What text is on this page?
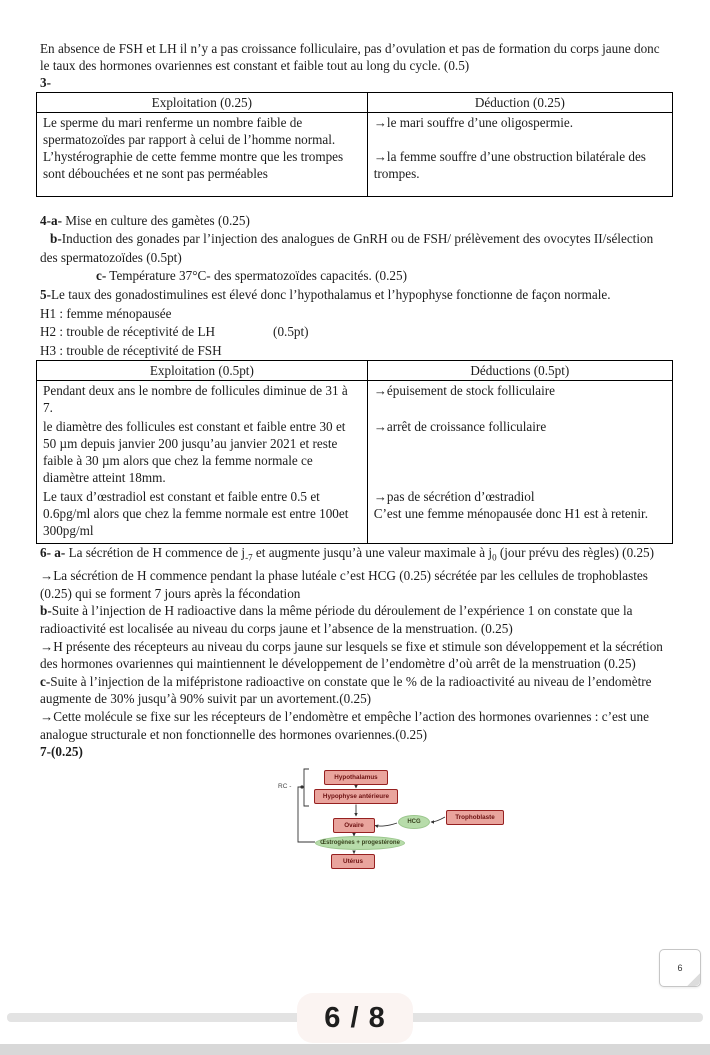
En absence de FSH et LH il n’y a pas croissance folliculaire, pas d’ovulation et pas de formation du corps jaune donc le taux des hormones ovariennes est constant et faible tout au long du cycle. (0.5)

3-

Exploitation (0.25)	Déduction (0.25)
Le sperme du mari renferme un nombre faible de spermatozoïdes par rapport à celui de l’homme normal. L’hystérographie de cette femme montre que les trompes sont débouchées et ne sont pas perméables	→le mari souffre d’une oligospermie.
→la femme souffre d’une obstruction bilatérale des trompes.

4-a- Mise en culture des gamètes (0.25)

b-Induction des gonades par l’injection des analogues de GnRH ou de FSH/ prélèvement des ovocytes II/sélection des spermatozoïdes (0.5pt)

c- Température 37°C- des spermatozoïdes capacités. (0.25)

5-Le taux des gonadostimulines est élevé donc l’hypothalamus et l’hypophyse fonctionne de façon normale.

H1 : femme ménopausée

H2 : trouble de réceptivité de LH	(0.5pt)

H3 : trouble de réceptivité de FSH

Exploitation (0.5pt)	Déductions (0.5pt)
Pendant deux ans le nombre de follicules diminue de 31 à 7.	→épuisement de stock folliculaire
le diamètre des follicules est constant et faible entre 30 et 50 µm depuis janvier 200 jusqu’au janvier 2021 et reste faible à 30 µm alors que chez la femme normale ce diamètre atteint 18mm.	→arrêt de croissance folliculaire
Le taux d’œstradiol est constant et faible entre 0.5 et 0.6pg/ml alors que chez la femme normale est entre 100et 300pg/ml	→pas de sécrétion d’œstradiol
C’est une femme ménopausée donc H1 est à retenir.

6- a- La sécrétion de H commence de $j_{-7}$ et augmente jusqu’à une valeur maximale à $j_0$ (jour prévu des règles) (0.25)

→La sécrétion de H commence pendant la phase lutéale c’est HCG (0.25) sécrétée par les cellules de trophoblastes (0.25) qui se forment 7 jours après la fécondation

b-Suite à l’injection de H radioactive dans la même période du déroulement de l’expérience 1 on constate que la radioactivité est localisée au niveau du corps jaune et l’absence de la menstruation. (0.25)

→H présente des récepteurs au niveau du corps jaune sur lesquels se fixe et stimule son développement et la sécrétion des hormones ovariennes qui maintiennent le développement de l’endomètre d’où arrêt de la menstruation (0.25)

c-Suite à l’injection de la mifépristone radioactive on constate que le % de la radioactivité au niveau de l’endomètre augmente de 30% jusqu’à 90% suivit par un avortement.(0.25)

→Cette molécule se fixe sur les récepteurs de l’endomètre et empêche l’action des hormones ovariennes : c’est une analogue structurale et non fonctionnelle des hormones ovariennes.(0.25)

7-(0.25)

Hypothalamus
Hypophyse antérieure
Ovaire	HCG
Trophoblaste
Œstrogènes + progestérone
Utérus
RC -
6
6 / 8
